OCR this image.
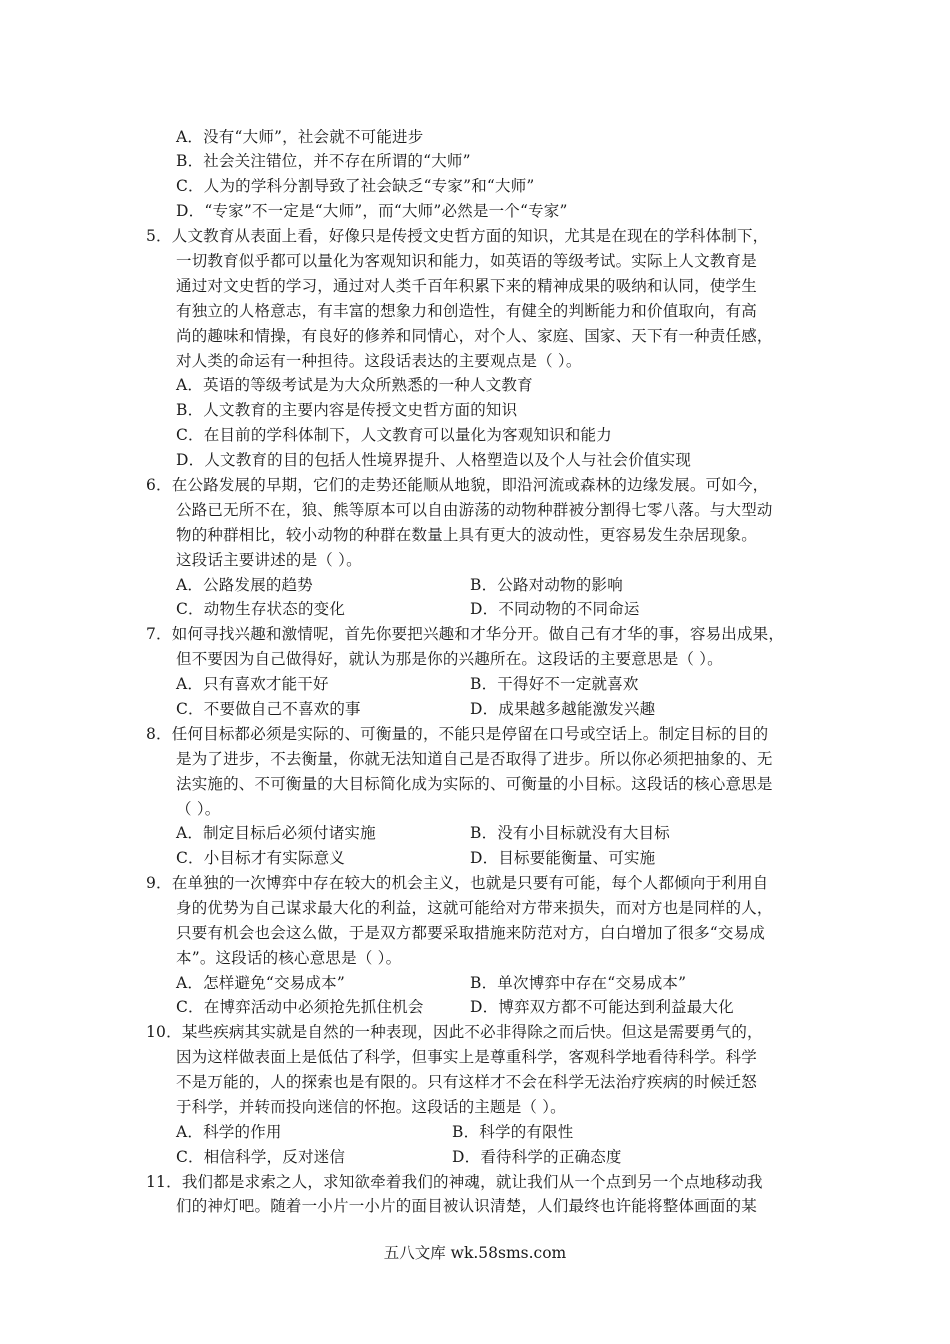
A．没有“大师”，社会就不可能进步
B．社会关注错位，并不存在所谓的“大师”
C．人为的学科分割导致了社会缺乏“专家”和“大师”
D．“专家”不一定是“大师”，而“大师”必然是一个“专家”
5．人文教育从表面上看，好像只是传授文史哲方面的知识，尤其是在现在的学科体制下，
一切教育似乎都可以量化为客观知识和能力，如英语的等级考试。实际上人文教育是
通过对文史哲的学习，通过对人类千百年积累下来的精神成果的吸纳和认同，使学生
有独立的人格意志，有丰富的想象力和创造性，有健全的判断能力和价值取向，有高
尚的趣味和情操，有良好的修养和同情心，对个人、家庭、国家、天下有一种责任感，
对人类的命运有一种担待。这段话表达的主要观点是（ ）。
A．英语的等级考试是为大众所熟悉的一种人文教育
B．人文教育的主要内容是传授文史哲方面的知识
C．在目前的学科体制下，人文教育可以量化为客观知识和能力
D．人文教育的目的包括人性境界提升、人格塑造以及个人与社会价值实现
6．在公路发展的早期，它们的走势还能顺从地貌，即沿河流或森林的边缘发展。可如今，
公路已无所不在，狼、熊等原本可以自由游荡的动物种群被分割得七零八落。与大型动
物的种群相比，较小动物的种群在数量上具有更大的波动性，更容易发生杂居现象。
这段话主要讲述的是（ ）。
A．公路发展的趋势	B．公路对动物的影响
C．动物生存状态的变化	D．不同动物的不同命运
7．如何寻找兴趣和激情呢，首先你要把兴趣和才华分开。做自己有才华的事，容易出成果，
但不要因为自己做得好，就认为那是你的兴趣所在。这段话的主要意思是（ ）。
A．只有喜欢才能干好	B．干得好不一定就喜欢
C．不要做自己不喜欢的事	D．成果越多越能激发兴趣
8．任何目标都必须是实际的、可衡量的，不能只是停留在口号或空话上。制定目标的目的
是为了进步，不去衡量，你就无法知道自己是否取得了进步。所以你必须把抽象的、无
法实施的、不可衡量的大目标简化成为实际的、可衡量的小目标。这段话的核心意思是
（ ）。
A．制定目标后必须付诸实施	B．没有小目标就没有大目标
C．小目标才有实际意义	D．目标要能衡量、可实施
9．在单独的一次博弈中存在较大的机会主义，也就是只要有可能，每个人都倾向于利用自
身的优势为自己谋求最大化的利益，这就可能给对方带来损失，而对方也是同样的人，
只要有机会也会这么做，于是双方都要采取措施来防范对方，白白增加了很多“交易成
本”。这段话的核心意思是（ ）。
A．怎样避免“交易成本”	B．单次博弈中存在“交易成本”
C．在博弈活动中必须抢先抓住机会	D．博弈双方都不可能达到利益最大化
10．某些疾病其实就是自然的一种表现，因此不必非得除之而后快。但这是需要勇气的，
因为这样做表面上是低估了科学，但事实上是尊重科学，客观科学地看待科学。科学
不是万能的，人的探索也是有限的。只有这样才不会在科学无法治疗疾病的时候迁怒
于科学，并转而投向迷信的怀抱。这段话的主题是（ ）。
A．科学的作用	B．科学的有限性
C．相信科学，反对迷信	D．看待科学的正确态度
11．我们都是求索之人，求知欲牵着我们的神魂，就让我们从一个点到另一个点地移动我
们的神灯吧。随着一小片一小片的面目被认识清楚，人们最终也许能将整体画面的某
五八文库 wk.58sms.com
